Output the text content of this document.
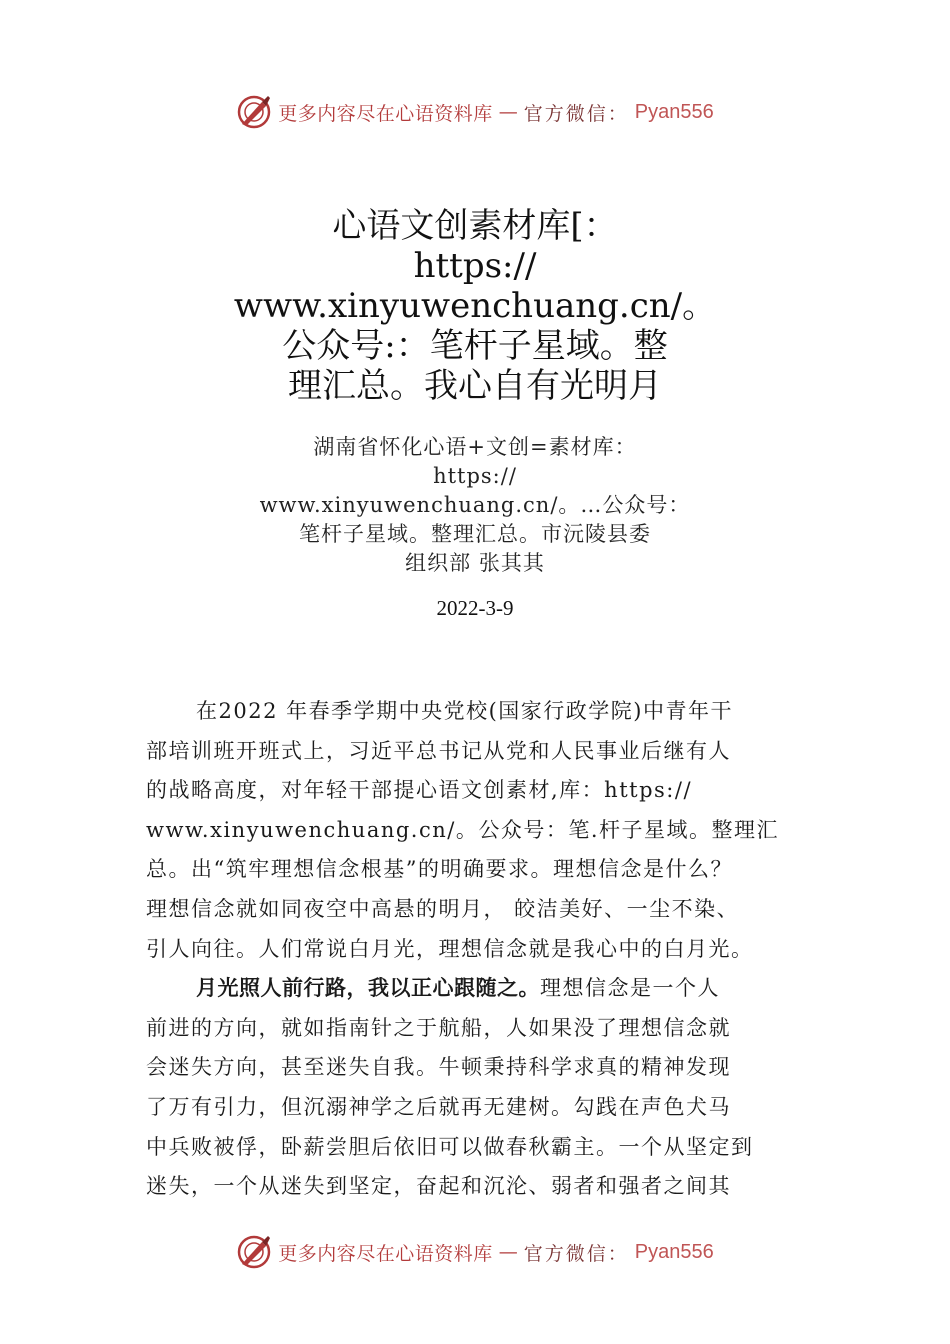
更多内容尽在心语资料库 — 官方微信： Pyan556
心语文创素材库[：
https://
www.xinyuwenchuang.cn/。
公众号:：笔杆子星域。整
理汇总。我心自有光明月
湖南省怀化心语+文创=素材库：
https://
www.xinyuwenchuang.cn/。…公众号：
笔杆子星域。整理汇总。市沅陵县委
组织部 张其其
2022-3-9
在2022 年春季学期中央党校(国家行政学院)中青年干
部培训班开班式上，习近平总书记从党和人民事业后继有人
的战略高度，对年轻干部提心语文创素材,库：https://
www.xinyuwenchuang.cn/。公众号：笔.杆子星域。整理汇
总。出“筑牢理想信念根基”的明确要求。理想信念是什么？
理想信念就如同夜空中高悬的明月， 皎洁美好、一尘不染、
引人向往。人们常说白月光，理想信念就是我心中的白月光。
月光照人前行路，我以正心跟随之。理想信念是一个人
前进的方向，就如指南针之于航船，人如果没了理想信念就
会迷失方向，甚至迷失自我。牛顿秉持科学求真的精神发现
了万有引力，但沉溺神学之后就再无建树。勾践在声色犬马
中兵败被俘，卧薪尝胆后依旧可以做春秋霸主。一个从坚定到
迷失，一个从迷失到坚定，奋起和沉沦、弱者和强者之间其
更多内容尽在心语资料库 — 官方微信： Pyan556
